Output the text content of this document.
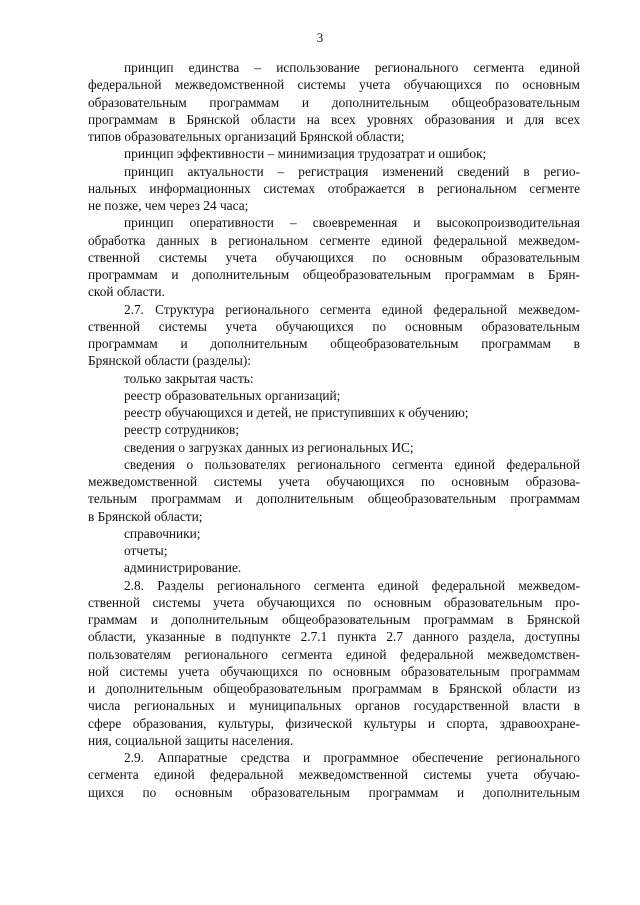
3
принцип единства – использование регионального сегмента единой
федеральной межведомственной системы учета обучающихся по основным
образовательным программам и дополнительным общеобразовательным
программам в Брянской области на всех уровнях образования и для всех
типов образовательных организаций Брянской области;
принцип эффективности – минимизация трудозатрат и ошибок;
принцип актуальности – регистрация изменений сведений в регио-
нальных информационных системах отображается в региональном сегменте
не позже, чем через 24 часа;
принцип оперативности – своевременная и высокопроизводительная
обработка данных в региональном сегменте единой федеральной межведом-
ственной системы учета обучающихся по основным образовательным
программам и дополнительным общеобразовательным программам в Брян-
ской области.
2.7. Структура регионального сегмента единой федеральной межведом-
ственной системы учета обучающихся по основным образовательным
программам и дополнительным общеобразовательным программам в
Брянской области (разделы):
только закрытая часть:
реестр образовательных организаций;
реестр обучающихся и детей, не приступивших к обучению;
реестр сотрудников;
сведения о загрузках данных из региональных ИС;
сведения о пользователях регионального сегмента единой федеральной
межведомственной системы учета обучающихся по основным образова-
тельным программам и дополнительным общеобразовательным программам
в Брянской области;
справочники;
отчеты;
администрирование.
2.8. Разделы регионального сегмента единой федеральной межведом-
ственной системы учета обучающихся по основным образовательным про-
граммам и дополнительным общеобразовательным программам в Брянской
области, указанные в подпункте 2.7.1 пункта 2.7 данного раздела, доступны
пользователям регионального сегмента единой федеральной межведомствен-
ной системы учета обучающихся по основным образовательным программам
и дополнительным общеобразовательным программам в Брянской области из
числа региональных и муниципальных органов государственной власти в
сфере образования, культуры, физической культуры и спорта, здравоохране-
ния, социальной защиты населения.
2.9. Аппаратные средства и программное обеспечение регионального
сегмента единой федеральной межведомственной системы учета обучаю-
щихся по основным образовательным программам и дополнительным
